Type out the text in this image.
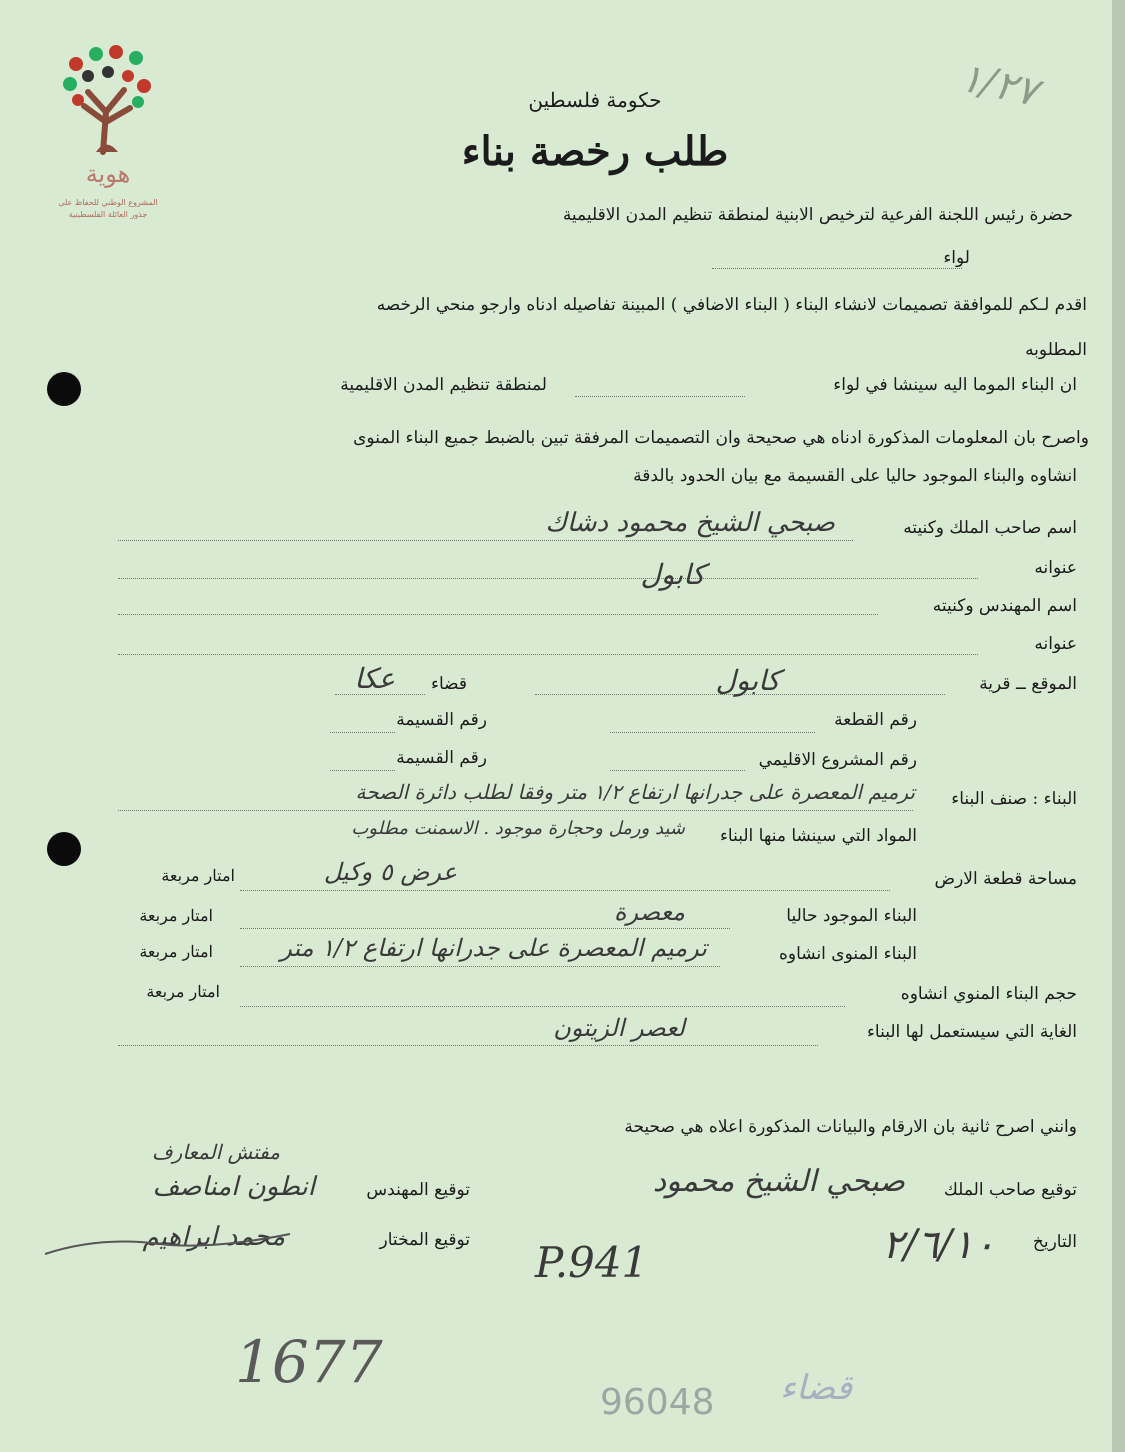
هوية
المشروع الوطني للحفاظ على
جذور العائلة الفلسطينية
١/٢٧
حكومة فلسطين
طلب رخصة بناء
حضرة رئيس اللجنة الفرعية لترخيص الابنية لمنطقة تنظيم المدن الاقليمية
لواء
اقدم لـكم للموافقة تصميمات لانشاء البناء ( البناء الاضافي ) المبينة تفاصيله ادناه وارجو منحي الرخصه
المطلوبه
ان البناء الموما اليه سينشا في لواء
لمنطقة تنظيم المدن الاقليمية
واصرح بان المعلومات المذكورة ادناه هي صحيحة وان التصميمات المرفقة تبين بالضبط جميع البناء المنوى
انشاوه والبناء الموجود حاليا على القسيمة مع بيان الحدود بالدقة
اسم صاحب الملك وكنيته
صبحي الشيخ محمود دشاك
عنوانه
كابول
اسم المهندس وكنيته
عنوانه
الموقع ــ قرية
كابول
قضاء
عكا
رقم القطعة
رقم القسيمة
رقم المشروع الاقليمي
رقم القسيمة
البناء : صنف البناء
ترميم المعصرة على جدرانها ارتفاع ١/٢ متر وفقا لطلب دائرة الصحة
المواد التي سينشا منها البناء
شيد ورمل وحجارة موجود . الاسمنت مطلوب
مساحة قطعة الارض
عرض ٥ وكيل
امتار مربعة
البناء الموجود حاليا
معصرة
امتار مربعة
البناء المنوى انشاوه
ترميم المعصرة على جدرانها ارتفاع ١/٢ متر
امتار مربعة
حجم البناء المنوي انشاوه
امتار مربعة
الغاية التي سيستعمل لها البناء
لعصر الزيتون
وانني اصرح ثانية بان الارقام والبيانات المذكورة اعلاه هي صحيحة
توقيع صاحب الملك
صبحي الشيخ محمود
توقيع المهندس
مفتش المعارف
انطون امناصف
توقيع المختار
محمد ابراهيم	التاريخ
٢/٦/١٠
P.941
1677
96048 قضاء
